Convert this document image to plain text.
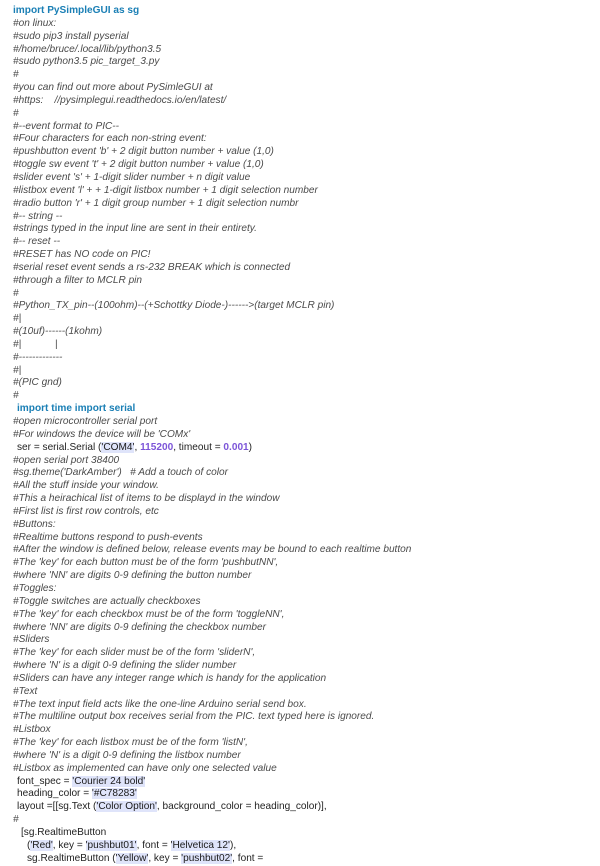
import PySimpleGUI as sg
#on linux:
#sudo pip3 install pyserial
#/home/bruce/.local/lib/python3.5
#sudo python3.5 pic_target_3.py
#
#you can find out more about PySimleGUI at
#https:    //pysimplegui.readthedocs.io/en/latest/
#
#--event format to PIC--
#Four characters for each non-string event:
#pushbutton event 'b' + 2 digit button number + value (1,0)
#toggle sw event 't' + 2 digit button number + value (1,0)
#slider event 's' + 1-digit slider number + n digit value
#listbox event 'l' + + 1-digit listbox number + 1 digit selection number
#radio button 'r' + 1 digit group number + 1 digit selection numbr
#-- string --
#strings typed in the input line are sent in their entirety.
#-- reset --
#RESET has NO code on PIC!
#serial reset event sends a rs-232 BREAK which is connected
#through a filter to MCLR pin
#
#Python_TX_pin--(100ohm)--(+Schottky Diode-)------>(target MCLR pin)
#|
#(10uf)------(1kohm)
#|            |
#-------------
#|
#(PIC gnd)
#
import time import serial
#open microcontroller serial port
#For windows the device will be 'COMx'
ser = serial.Serial ('COM4', 115200, timeout = 0.001)
#open serial port 38400
#sg.theme('DarkAmber')   # Add a touch of color
#All the stuff inside your window.
#This a heirachical list of items to be displayd in the window
#First list is first row controls, etc
#Buttons:
#Realtime buttons respond to push-events
#After the window is defined below, release events may be bound to each realtime button
#The 'key' for each button must be of the form 'pushbutNN',
#where 'NN' are digits 0-9 defining the button number
#Toggles:
#Toggle switches are actually checkboxes
#The 'key' for each checkbox must be of the form 'toggleNN',
#where 'NN' are digits 0-9 defining the checkbox number
#Sliders
#The 'key' for each slider must be of the form 'sliderN',
#where 'N' is a digit 0-9 defining the slider number
#Sliders can have any integer range which is handy for the application
#Text
#The text input field acts like the one-line Arduino serial send box.
#The multiline output box receives serial from the PIC. text typed here is ignored.
#Listbox
#The 'key' for each listbox must be of the form 'listN',
#where 'N' is a digit 0-9 defining the listbox number
#Listbox as implemented can have only one selected value
font_spec = 'Courier 24 bold'
heading_color = '#C78283'
layout =[[sg.Text ('Color Option', background_color = heading_color)],
#
[sg.RealtimeButton
('Red', key = 'pushbut01', font = 'Helvetica 12'),
sg.RealtimeButton ('Yellow', key = 'pushbut02', font =
